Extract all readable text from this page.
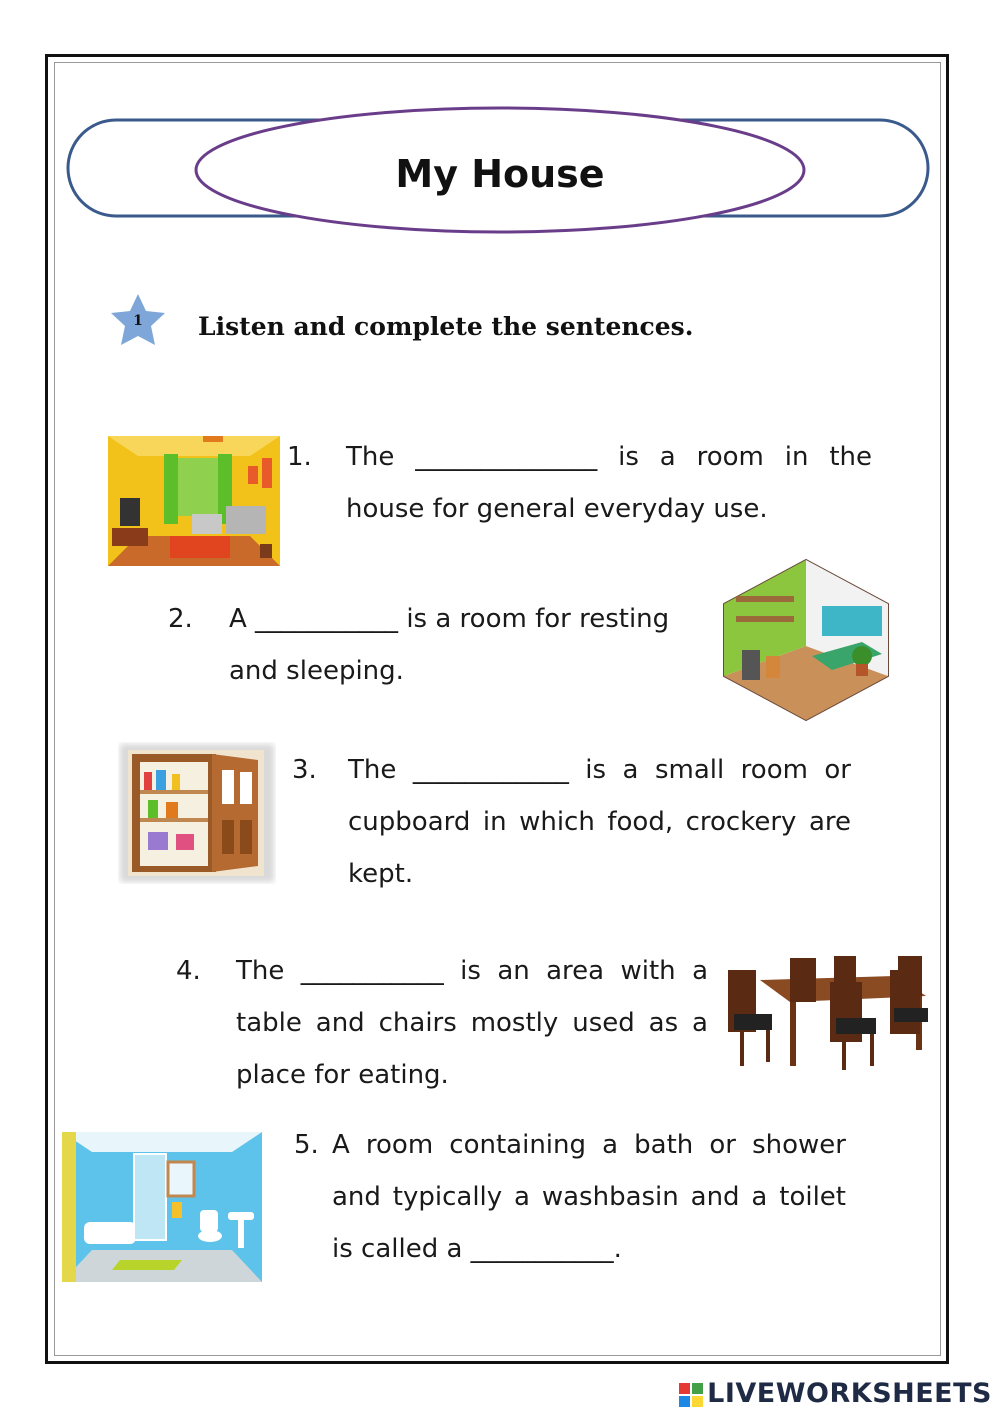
My House
1 Listen and complete the sentences.
1. The ______________ is a room in the house for general everyday use.
2. A ___________ is a room for resting and sleeping.
3. The ____________ is a small room or cupboard in which food, crockery are kept.
4. The ___________ is an area with a table and chairs mostly used as a place for eating.
5. A room containing a bath or shower and typically a washbasin and a toilet is called a ___________.
LIVEWORKSHEETS
